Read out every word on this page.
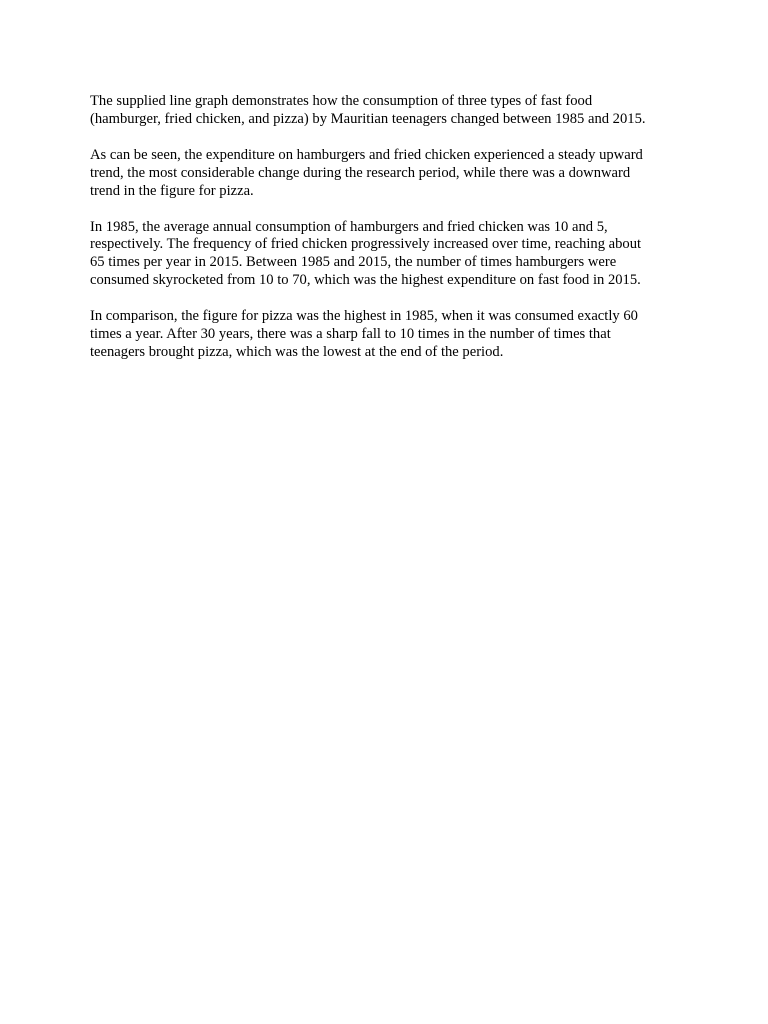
The supplied line graph demonstrates how the consumption of three types of fast food
(hamburger, fried chicken, and pizza) by Mauritian teenagers changed between 1985 and 2015.

As can be seen, the expenditure on hamburgers and fried chicken experienced a steady upward
trend, the most considerable change during the research period, while there was a downward
trend in the figure for pizza.

In 1985, the average annual consumption of hamburgers and fried chicken was 10 and 5,
respectively. The frequency of fried chicken progressively increased over time, reaching about
65 times per year in 2015. Between 1985 and 2015, the number of times hamburgers were
consumed skyrocketed from 10 to 70, which was the highest expenditure on fast food in 2015.

In comparison, the figure for pizza was the highest in 1985, when it was consumed exactly 60
times a year. After 30 years, there was a sharp fall to 10 times in the number of times that
teenagers brought pizza, which was the lowest at the end of the period.
